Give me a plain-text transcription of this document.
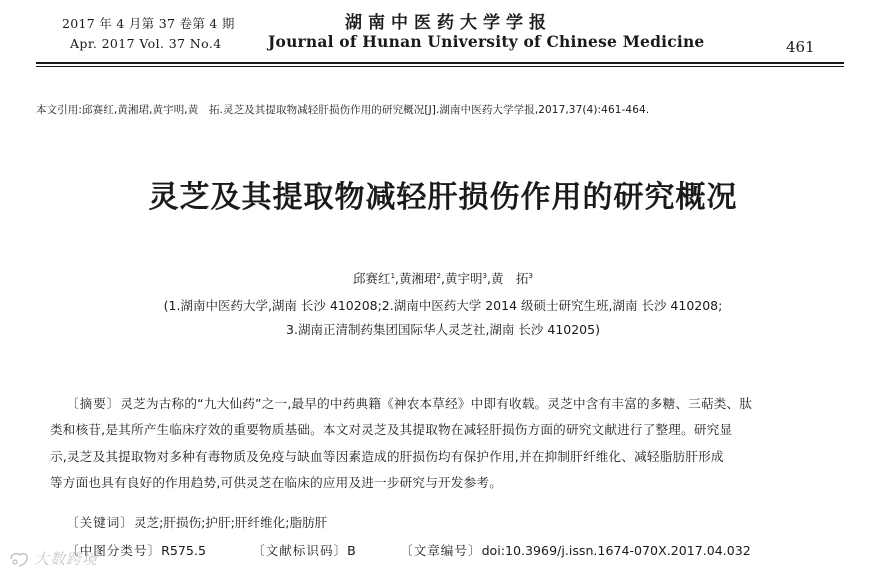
2017 年 4 月第 37 卷第 4 期
Apr. 2017 Vol. 37 No.4
湖南中医药大学学报
Journal of Hunan University of Chinese Medicine	461
本文引用:邱赛红,黄湘珺,黄宇明,黄　拓.灵芝及其提取物减轻肝损伤作用的研究概况[J].湖南中医药大学学报,2017,37(4):461-464.
灵芝及其提取物减轻肝损伤作用的研究概况
邱赛红$^1$,黄湘珺$^2$,黄宇明$^3$,黄　拓$^3$
(1.湖南中医药大学,湖南 长沙 410208;2.湖南中医药大学 2014 级硕士研究生班,湖南 长沙 410208;
3.湖南正清制药集团国际华人灵芝社,湖南 长沙 410205)
〔摘要〕灵芝为古称的“九大仙药”之一,最早的中药典籍《神农本草经》中即有收载。灵芝中含有丰富的多糖、三萜类、肽
类和核苷,是其所产生临床疗效的重要物质基础。本文对灵芝及其提取物在减轻肝损伤方面的研究文献进行了整理。研究显
示,灵芝及其提取物对多种有毒物质及免疫与缺血等因素造成的肝损伤均有保护作用,并在抑制肝纤维化、减轻脂肪肝形成
等方面也具有良好的作用趋势,可供灵芝在临床的应用及进一步研究与开发参考。
〔关键词〕灵芝;肝损伤;护肝;肝纤维化;脂肪肝
〔中图分类号〕R575.5	〔文献标识码〕B	〔文章编号〕doi:10.3969/j.issn.1674-070X.2017.04.032
大数跨境
